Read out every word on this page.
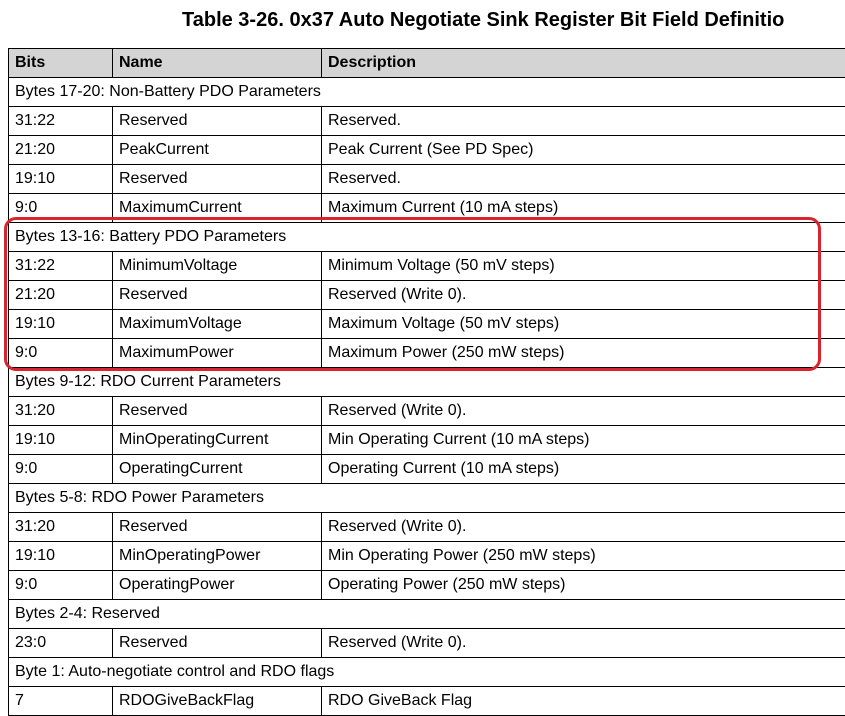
Table 3-26. 0x37 Auto Negotiate Sink Register Bit Field Definitio
Bits	Name	Description
Bytes 17-20: Non-Battery PDO Parameters		
31:22	Reserved	Reserved.
21:20	PeakCurrent	Peak Current (See PD Spec)
19:10	Reserved	Reserved.
9:0	MaximumCurrent	Maximum Current (10 mA steps)
Bytes 13-16: Battery PDO Parameters		
31:22	MinimumVoltage	Minimum Voltage (50 mV steps)
21:20	Reserved	Reserved (Write 0).
19:10	MaximumVoltage	Maximum Voltage (50 mV steps)
9:0	MaximumPower	Maximum Power (250 mW steps)
Bytes 9-12: RDO Current Parameters		
31:20	Reserved	Reserved (Write 0).
19:10	MinOperatingCurrent	Min Operating Current (10 mA steps)
9:0	OperatingCurrent	Operating Current (10 mA steps)
Bytes 5-8: RDO Power Parameters		
31:20	Reserved	Reserved (Write 0).
19:10	MinOperatingPower	Min Operating Power (250 mW steps)
9:0	OperatingPower	Operating Power (250 mW steps)
Bytes 2-4: Reserved		
23:0	Reserved	Reserved (Write 0).
Byte 1: Auto-negotiate control and RDO flags		
7	RDOGiveBackFlag	RDO GiveBack Flag
